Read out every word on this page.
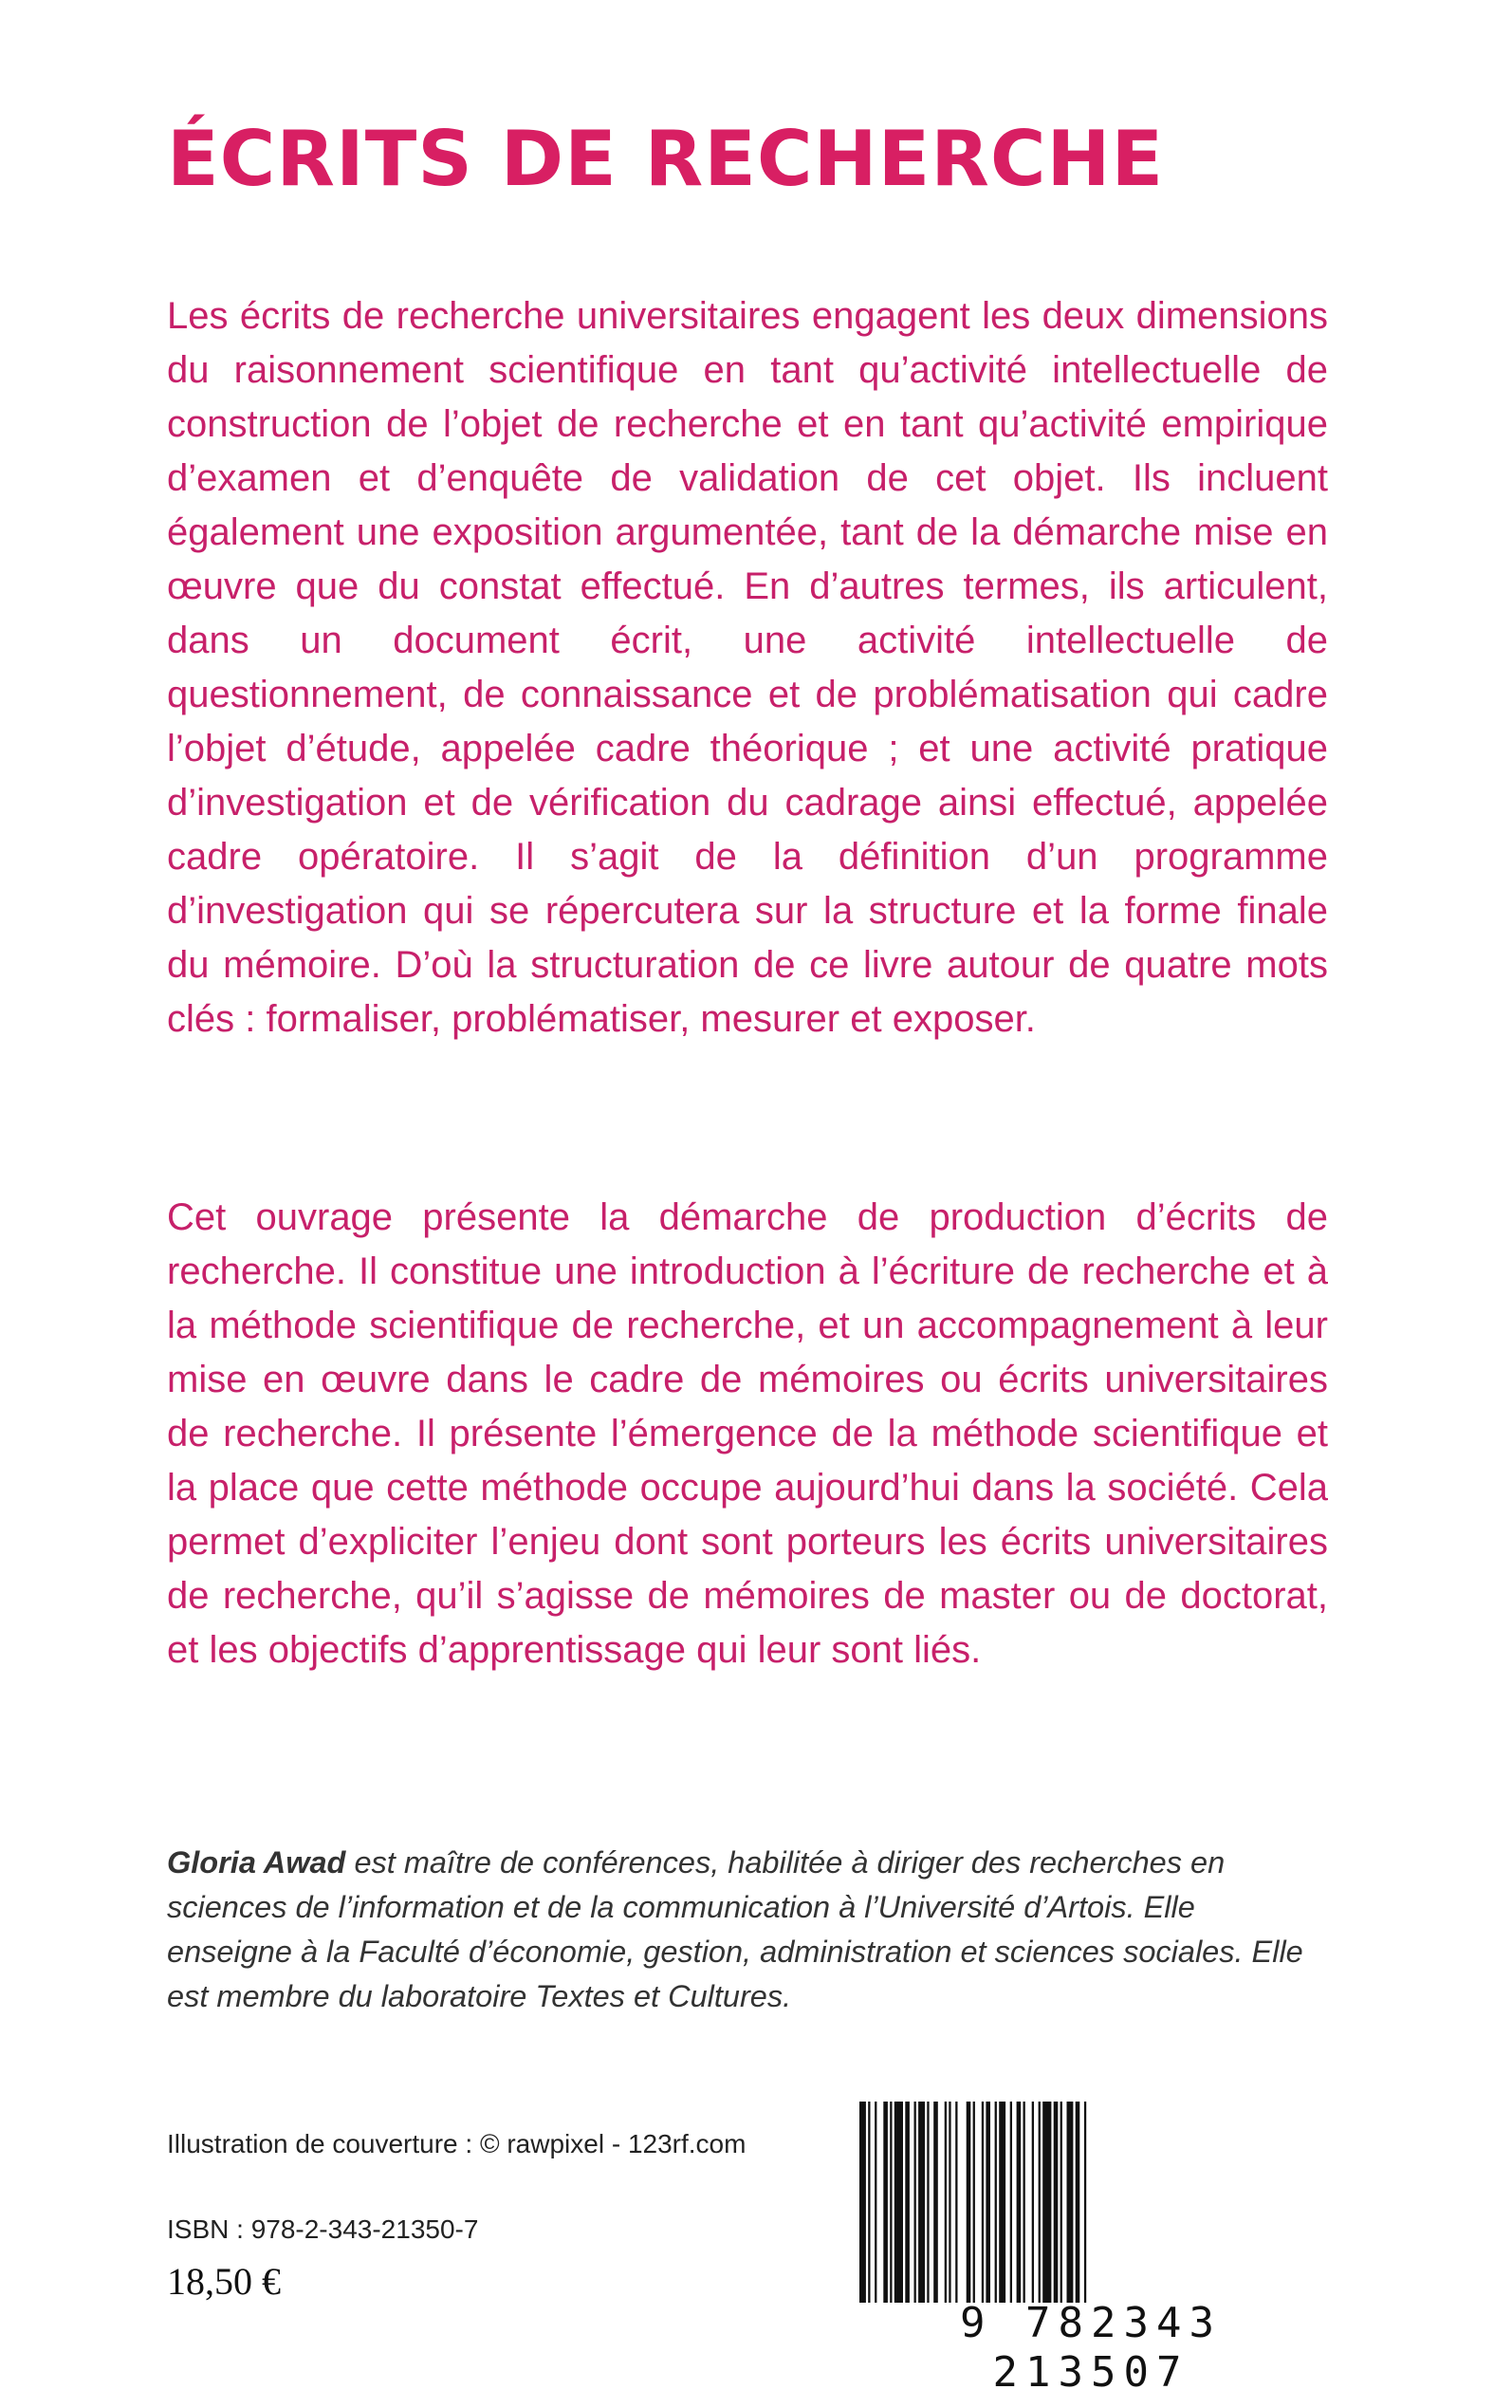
ÉCRITS DE RECHERCHE

Les écrits de recherche universitaires engagent les deux dimensions du raisonnement scientifique en tant qu’activité intellectuelle de construction de l’objet de recherche et en tant qu’activité empirique d’examen et d’enquête de validation de cet objet. Ils incluent également une exposition argumentée, tant de la démarche mise en œuvre que du constat effectué. En d’autres termes, ils articulent, dans un document écrit, une activité intellectuelle de questionnement, de connaissance et de problématisation qui cadre l’objet d’étude, appelée cadre théorique ; et une activité pratique d’investigation et de vérification du cadrage ainsi effectué, appelée cadre opératoire. Il s’agit de la définition d’un programme d’investigation qui se répercutera sur la structure et la forme finale du mémoire. D’où la structuration de ce livre autour de quatre mots clés : formaliser, problématiser, mesurer et exposer.

Cet ouvrage présente la démarche de production d’écrits de recherche. Il constitue une introduction à l’écriture de recherche et à la méthode scientifique de recherche, et un accompagnement à leur mise en œuvre dans le cadre de mémoires ou écrits universitaires de recherche. Il présente l’émergence de la méthode scientifique et la place que cette méthode occupe aujourd’hui dans la société. Cela permet d’expliciter l’enjeu dont sont porteurs les écrits universitaires de recherche, qu’il s’agisse de mémoires de master ou de doctorat, et les objectifs d’apprentissage qui leur sont liés.

Gloria Awad est maître de conférences, habilitée à diriger des recherches en sciences de l’information et de la communication à l’Université d’Artois. Elle enseigne à la Faculté d’économie, gestion, administration et sciences sociales. Elle est membre du laboratoire Textes et Cultures.

Illustration de couverture : © rawpixel - 123rf.com

ISBN : 978-2-343-21350-7

18,50 €

9 782343 213507
